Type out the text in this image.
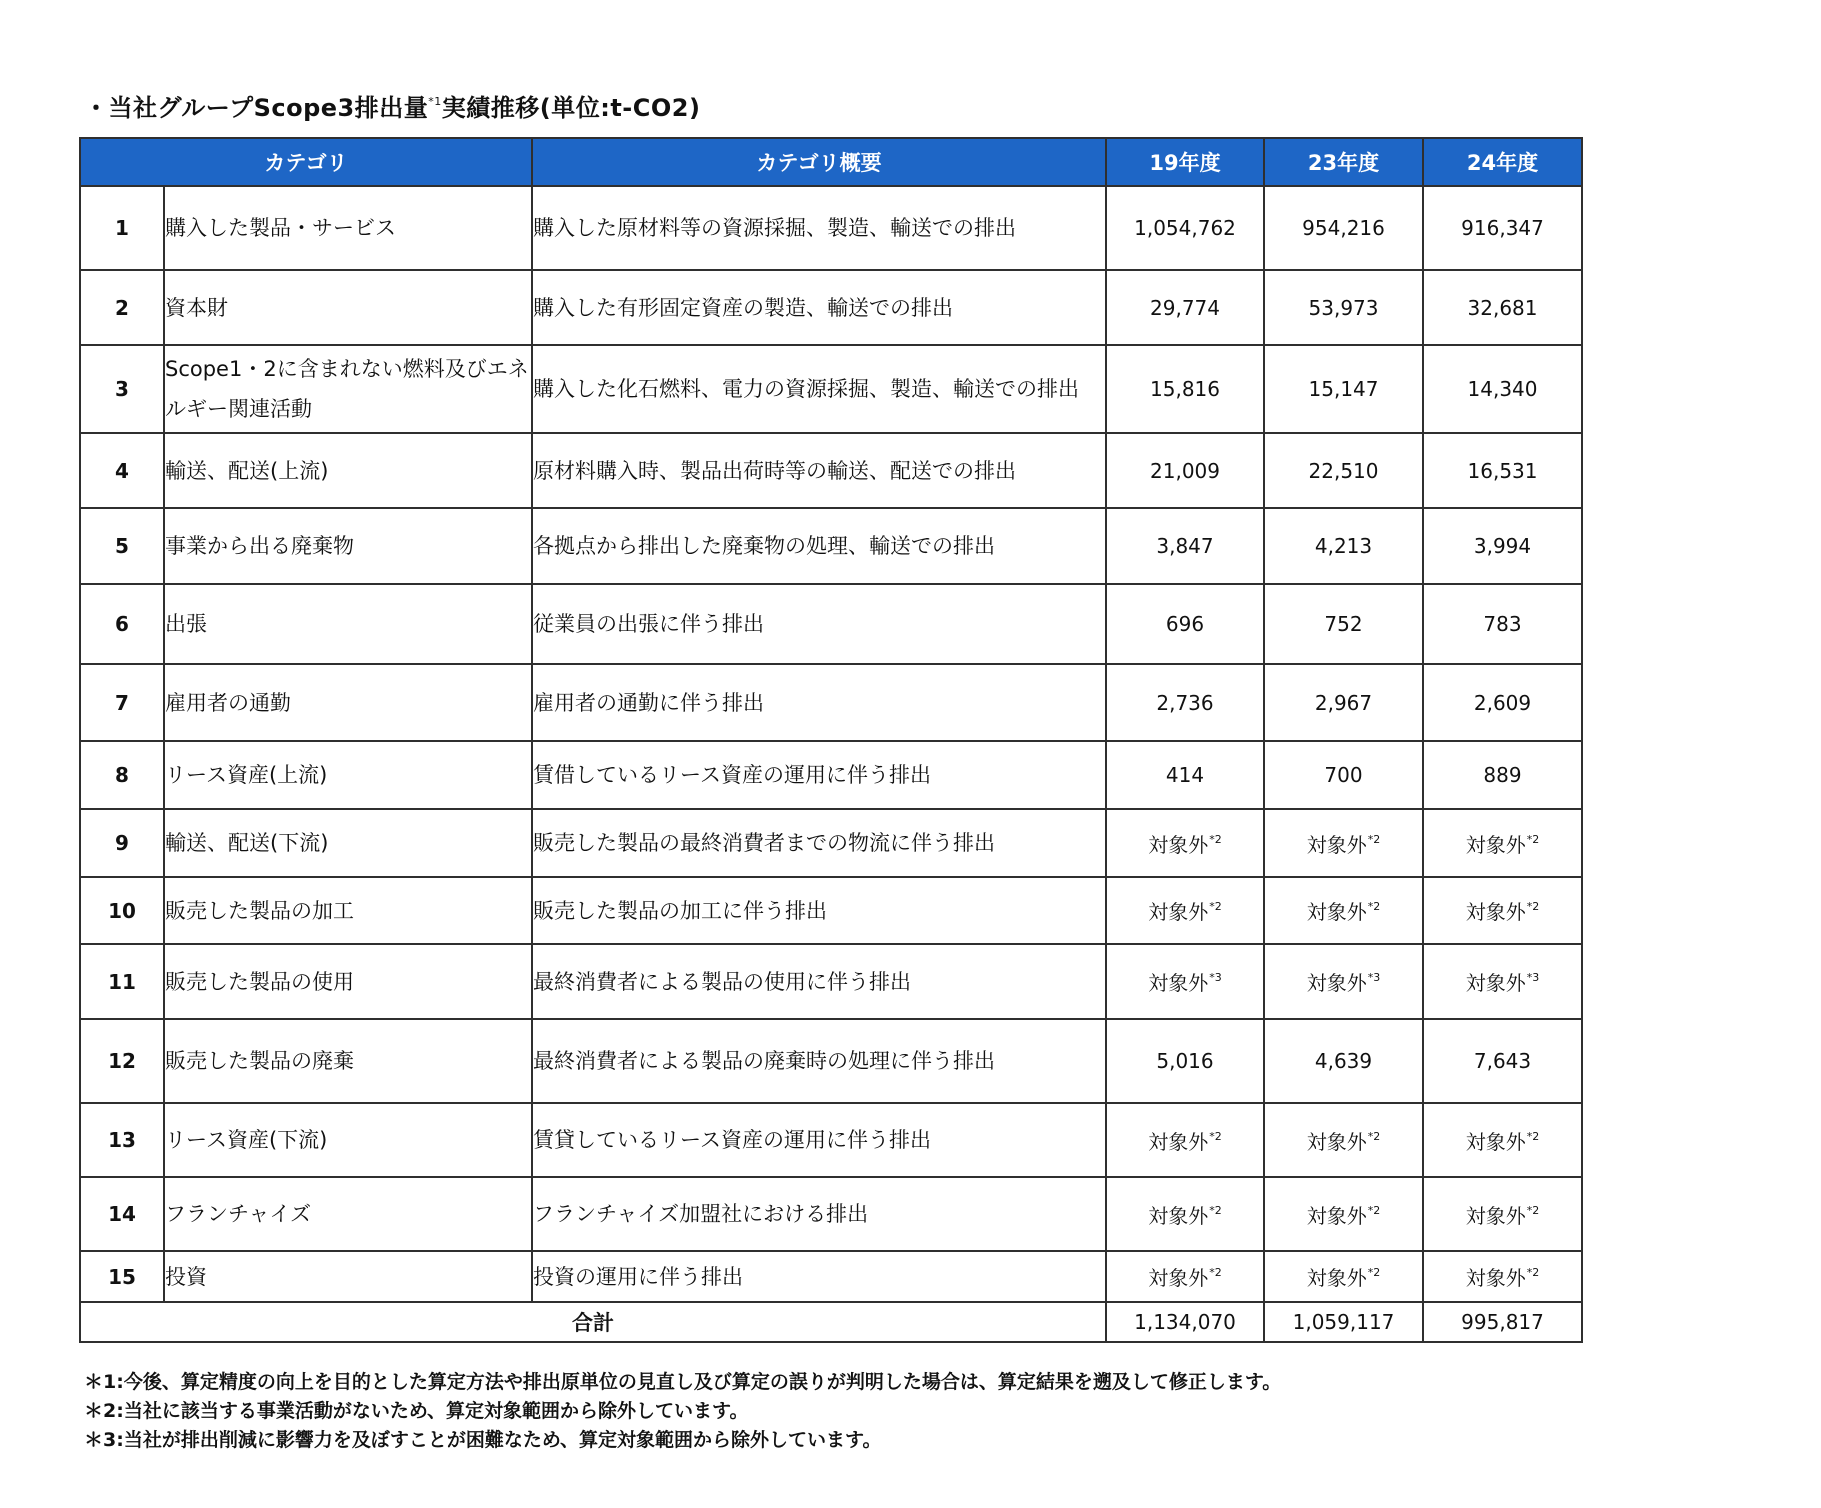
・当社グループScope3排出量$^{*1}$実績推移(単位:t-CO2)
カテゴリ		カテゴリ概要	19年度	23年度	24年度
1	購入した製品・サービス	購入した原材料等の資源採掘、製造、輸送での排出	1,054,762	954,216	916,347
2	資本財	購入した有形固定資産の製造、輸送での排出	29,774	53,973	32,681
3	Scope1・2に含まれない燃料及びエネルギー関連活動	購入した化石燃料、電力の資源採掘、製造、輸送での排出	15,816	15,147	14,340
4	輸送、配送(上流)	原材料購入時、製品出荷時等の輸送、配送での排出	21,009	22,510	16,531
5	事業から出る廃棄物	各拠点から排出した廃棄物の処理、輸送での排出	3,847	4,213	3,994
6	出張	従業員の出張に伴う排出	696	752	783
7	雇用者の通勤	雇用者の通勤に伴う排出	2,736	2,967	2,609
8	リース資産(上流)	賃借しているリース資産の運用に伴う排出	414	700	889
9	輸送、配送(下流)	販売した製品の最終消費者までの物流に伴う排出	対象外$^{*2}$	対象外$^{*2}$	対象外$^{*2}$
10	販売した製品の加工	販売した製品の加工に伴う排出	対象外$^{*2}$	対象外$^{*2}$	対象外$^{*2}$
11	販売した製品の使用	最終消費者による製品の使用に伴う排出	対象外$^{*3}$	対象外$^{*3}$	対象外$^{*3}$
12	販売した製品の廃棄	最終消費者による製品の廃棄時の処理に伴う排出	5,016	4,639	7,643
13	リース資産(下流)	賃貸しているリース資産の運用に伴う排出	対象外$^{*2}$	対象外$^{*2}$	対象外$^{*2}$
14	フランチャイズ	フランチャイズ加盟社における排出	対象外$^{*2}$	対象外$^{*2}$	対象外$^{*2}$
15	投資	投資の運用に伴う排出	対象外$^{*2}$	対象外$^{*2}$	対象外$^{*2}$
合計			1,134,070	1,059,117	995,817
＊1:今後、算定精度の向上を目的とした算定方法や排出原単位の見直し及び算定の誤りが判明した場合は、算定結果を遡及して修正します。
＊2:当社に該当する事業活動がないため、算定対象範囲から除外しています。
＊3:当社が排出削減に影響力を及ぼすことが困難なため、算定対象範囲から除外しています。
